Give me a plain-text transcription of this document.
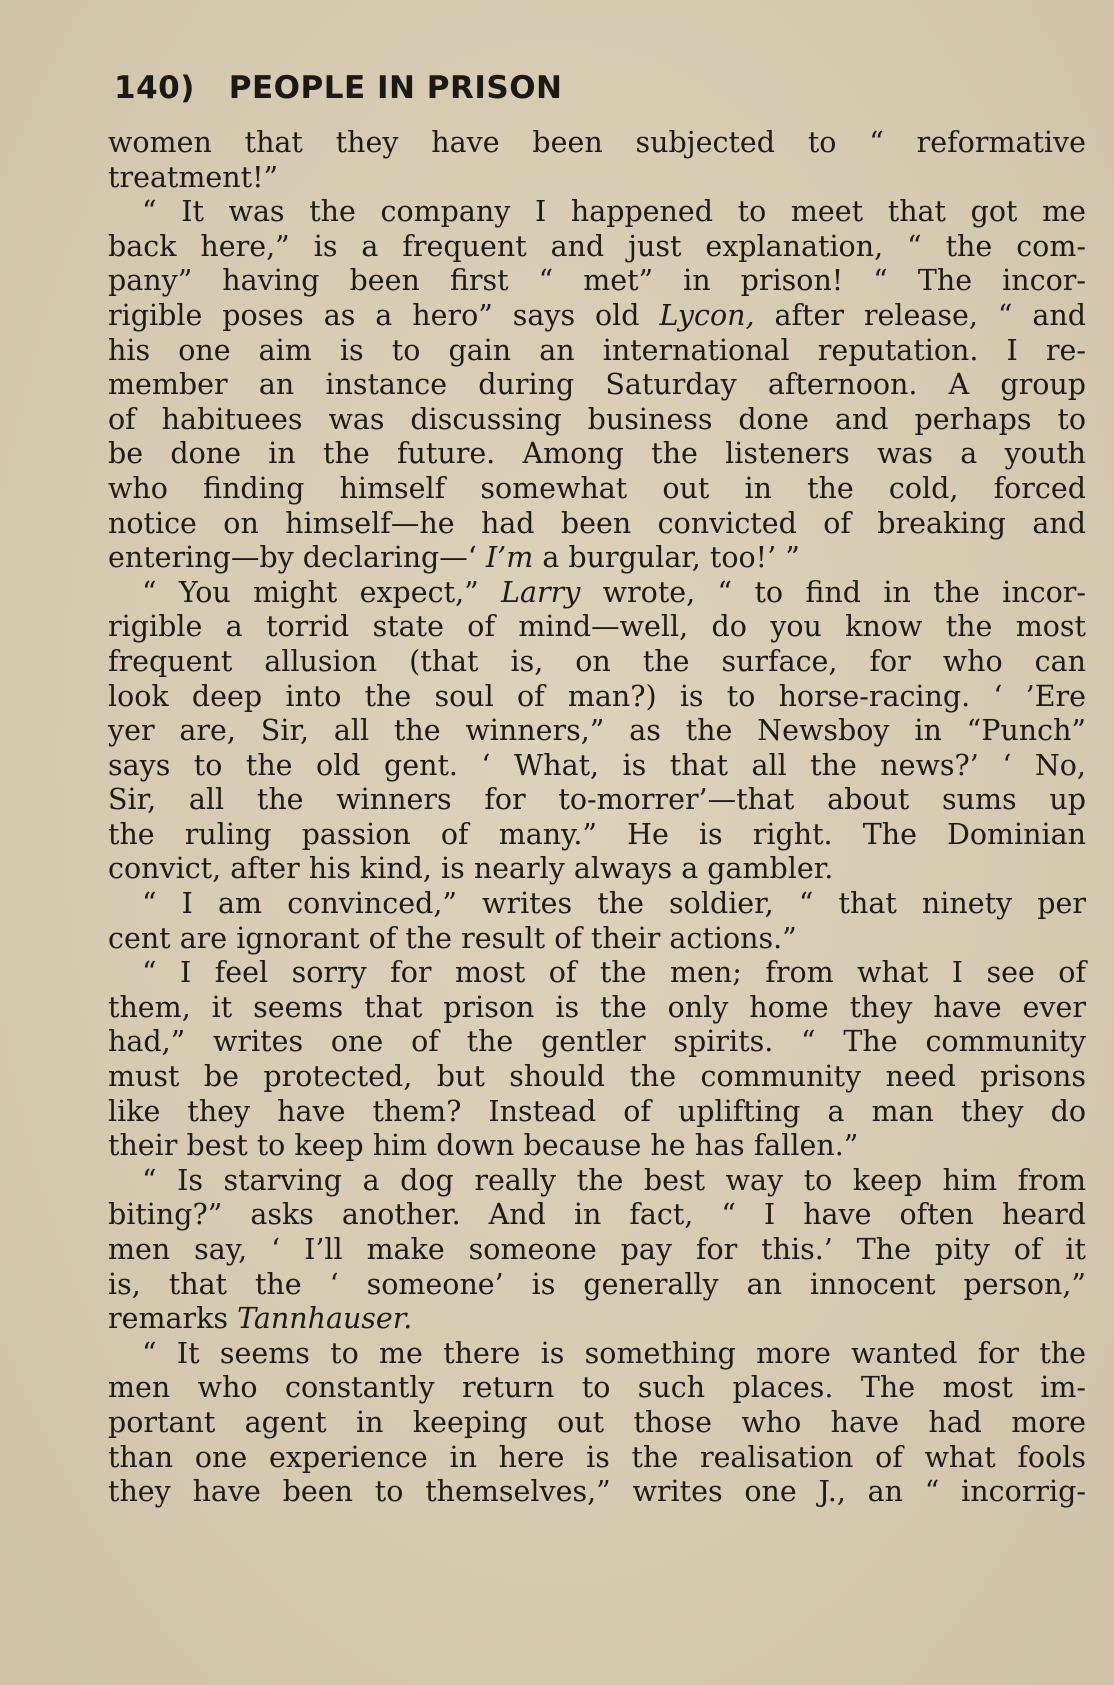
140) PEOPLE IN PRISON
women that they have been subjected to “ reformative
treatment!”
“ It was the company I happened to meet that got me
back here,” is a frequent and just explanation, “ the com-
pany” having been first “ met” in prison! “ The incor-
rigible poses as a hero” says old Lycon, after release, “ and
his one aim is to gain an international reputation. I re-
member an instance during Saturday afternoon. A group
of habituees was discussing business done and perhaps to
be done in the future. Among the listeners was a youth
who finding himself somewhat out in the cold, forced
notice on himself—he had been convicted of breaking and
entering—by declaring—‘ I’m a burgular, too!’ ”
“ You might expect,” Larry wrote, “ to find in the incor-
rigible a torrid state of mind—well, do you know the most
frequent allusion (that is, on the surface, for who can
look deep into the soul of man?) is to horse-racing. ‘ ’Ere
yer are, Sir, all the winners,” as the Newsboy in “Punch”
says to the old gent. ‘ What, is that all the news?’ ‘ No,
Sir, all the winners for to-morrer’—that about sums up
the ruling passion of many.” He is right. The Dominian
convict, after his kind, is nearly always a gambler.
“ I am convinced,” writes the soldier, “ that ninety per
cent are ignorant of the result of their actions.”
“ I feel sorry for most of the men; from what I see of
them, it seems that prison is the only home they have ever
had,” writes one of the gentler spirits. “ The community
must be protected, but should the community need prisons
like they have them? Instead of uplifting a man they do
their best to keep him down because he has fallen.”
“ Is starving a dog really the best way to keep him from
biting?” asks another. And in fact, “ I have often heard
men say, ‘ I’ll make someone pay for this.’ The pity of it
is, that the ‘ someone’ is generally an innocent person,”
remarks Tannhauser.
“ It seems to me there is something more wanted for the
men who constantly return to such places. The most im-
portant agent in keeping out those who have had more
than one experience in here is the realisation of what fools
they have been to themselves,” writes one J., an “ incorrig-
